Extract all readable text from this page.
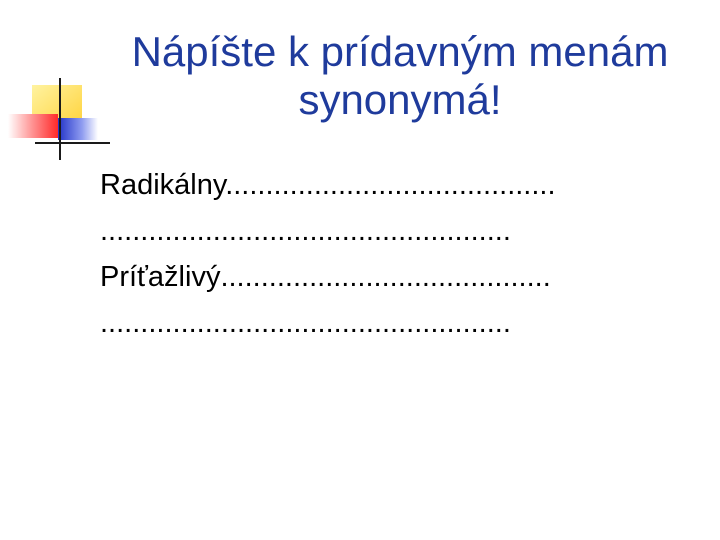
Nápíšte k prídavným menám
synonymá!
Radikálny.........................................
...................................................
Príťažlivý.........................................
...................................................
